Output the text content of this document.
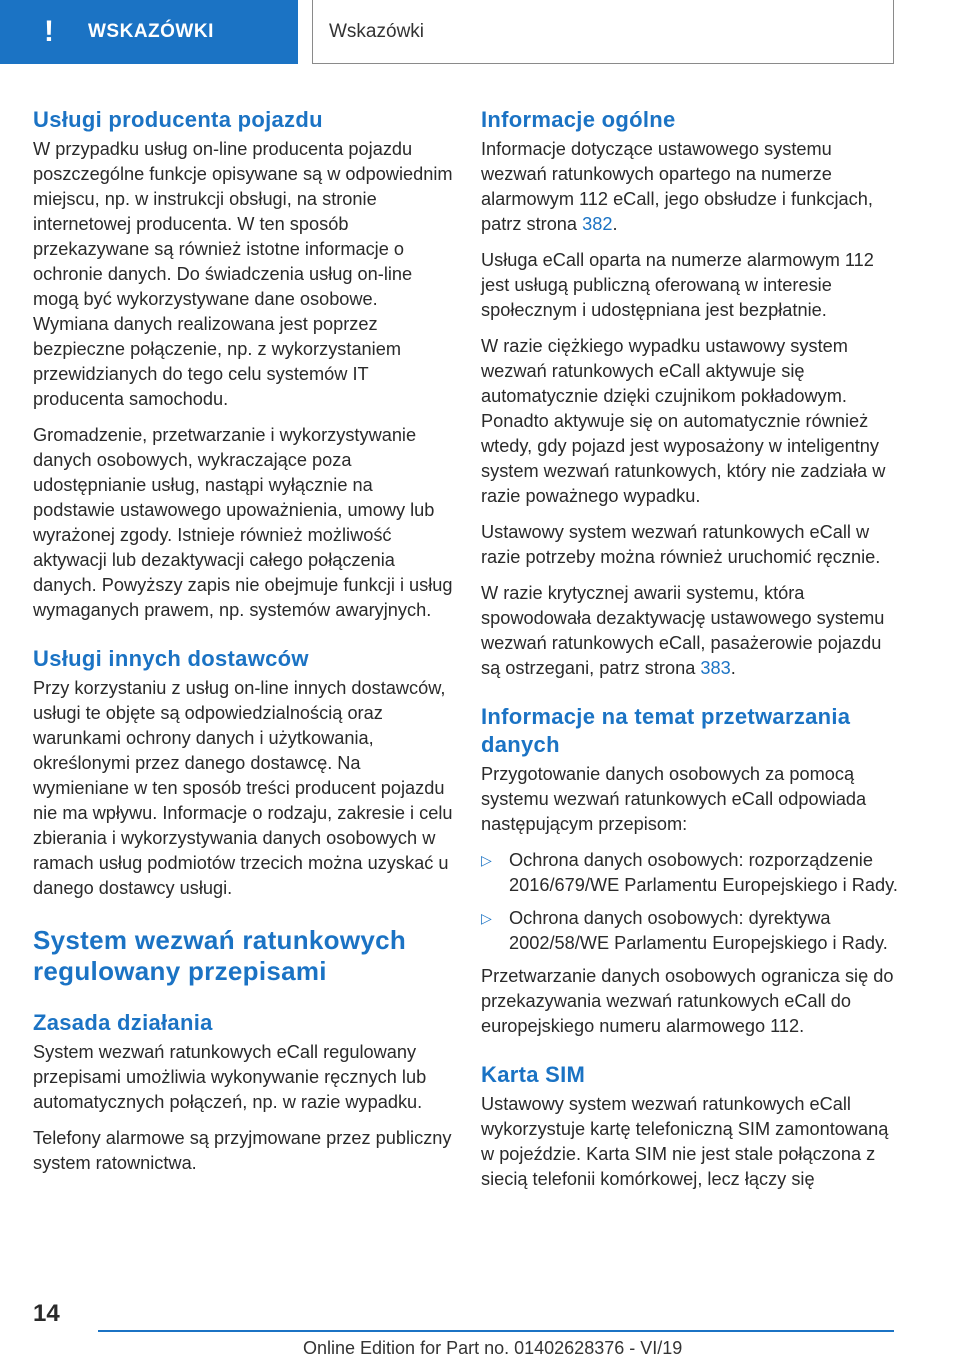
!	WSKAZÓWKI	Wskazówki
Usługi producenta pojazdu

W przypadku usług on-line producenta pojazdu poszczególne funkcje opisywane są w odpowiednim miejscu, np. w instrukcji obsługi, na stronie internetowej producenta. W ten sposób przekazywane są również istotne informacje o ochronie danych. Do świadczenia usług on-line mogą być wykorzystywane dane osobowe. Wymiana danych realizowana jest poprzez bezpieczne połączenie, np. z wykorzystaniem przewidzianych do tego celu systemów IT producenta samochodu.

Gromadzenie, przetwarzanie i wykorzystywanie danych osobowych, wykraczające poza udostępnianie usług, nastąpi wyłącznie na podstawie ustawowego upoważnienia, umowy lub wyrażonej zgody. Istnieje również możliwość aktywacji lub dezaktywacji całego połączenia danych. Powyższy zapis nie obejmuje funkcji i usług wymaganych prawem, np. systemów awaryjnych.

Usługi innych dostawców

Przy korzystaniu z usług on-line innych dostawców, usługi te objęte są odpowiedzialnością oraz warunkami ochrony danych i użytkowania, określonymi przez danego dostawcę. Na wymieniane w ten sposób treści producent pojazdu nie ma wpływu. Informacje o rodzaju, zakresie i celu zbierania i wykorzystywania danych osobowych w ramach usług podmiotów trzecich można uzyskać u danego dostawcy usługi.

System wezwań ratunkowych regulowany przepisami
Zasada działania

System wezwań ratunkowych eCall regulowany przepisami umożliwia wykonywanie ręcznych lub automatycznych połączeń, np. w razie wypadku.

Telefony alarmowe są przyjmowane przez publiczny system ratownictwa.

Informacje ogólne

Informacje dotyczące ustawowego systemu wezwań ratunkowych opartego na numerze alarmowym 112 eCall, jego obsłudze i funkcjach, patrz strona 382.

Usługa eCall oparta na numerze alarmowym 112 jest usługą publiczną oferowaną w interesie społecznym i udostępniana jest bezpłatnie.

W razie ciężkiego wypadku ustawowy system wezwań ratunkowych eCall aktywuje się automatycznie dzięki czujnikom pokładowym. Ponadto aktywuje się on automatycznie również wtedy, gdy pojazd jest wyposażony w inteligentny system wezwań ratunkowych, który nie zadziała w razie poważnego wypadku.

Ustawowy system wezwań ratunkowych eCall w razie potrzeby można również uruchomić ręcznie.

W razie krytycznej awarii systemu, która spowodowała dezaktywację ustawowego systemu wezwań ratunkowych eCall, pasażerowie pojazdu są ostrzegani, patrz strona 383.

Informacje na temat przetwarzania danych

Przygotowanie danych osobowych za pomocą systemu wezwań ratunkowych eCall odpowiada następującym przepisom:

▷ Ochrona danych osobowych: rozporządzenie 2016/679/WE Parlamentu Europejskiego i Rady.
▷ Ochrona danych osobowych: dyrektywa 2002/58/WE Parlamentu Europejskiego i Rady.

Przetwarzanie danych osobowych ogranicza się do przekazywania wezwań ratunkowych eCall do europejskiego numeru alarmowego 112.

Karta SIM

Ustawowy system wezwań ratunkowych eCall wykorzystuje kartę telefoniczną SIM zamontowaną w pojeździe. Karta SIM nie jest stale połączona z siecią telefonii komórkowej, lecz łączy się

14
Online Edition for Part no. 01402628376 - VI/19
